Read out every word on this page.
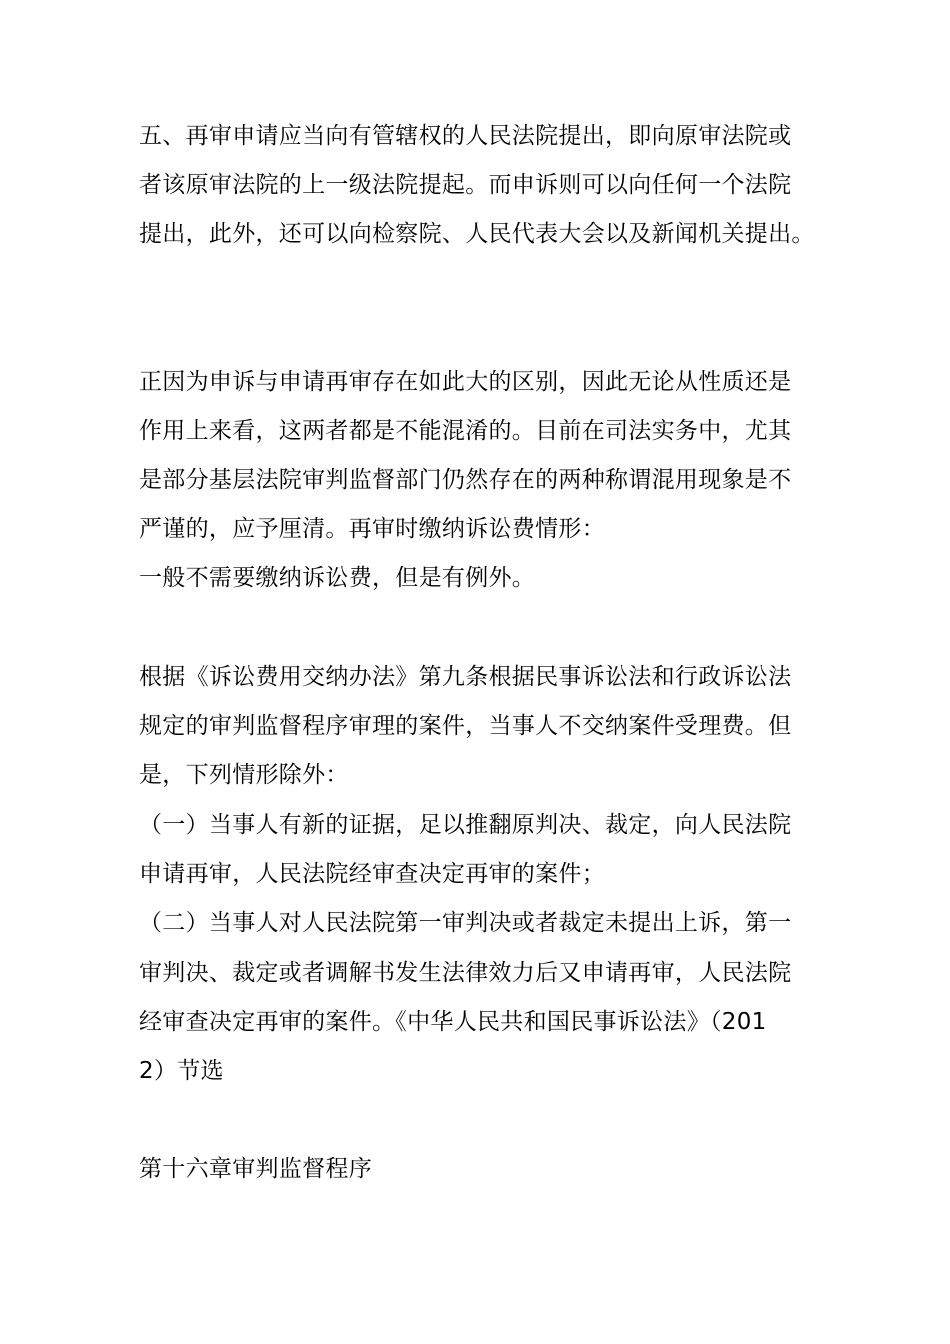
五、再审申请应当向有管辖权的人民法院提出，即向原审法院或
者该原审法院的上一级法院提起。而申诉则可以向任何一个法院
提出，此外，还可以向检察院、人民代表大会以及新闻机关提出。
正因为申诉与申请再审存在如此大的区别，因此无论从性质还是
作用上来看，这两者都是不能混淆的。目前在司法实务中，尤其
是部分基层法院审判监督部门仍然存在的两种称谓混用现象是不
严谨的，应予厘清。再审时缴纳诉讼费情形：
一般不需要缴纳诉讼费，但是有例外。
根据《诉讼费用交纳办法》第九条根据民事诉讼法和行政诉讼法
规定的审判监督程序审理的案件，当事人不交纳案件受理费。但
是，下列情形除外：
（一）当事人有新的证据，足以推翻原判决、裁定，向人民法院
申请再审，人民法院经审查决定再审的案件；
（二）当事人对人民法院第一审判决或者裁定未提出上诉，第一
审判决、裁定或者调解书发生法律效力后又申请再审，人民法院
经审查决定再审的案件。《中华人民共和国民事诉讼法》（201
2）节选
第十六章审判监督程序
